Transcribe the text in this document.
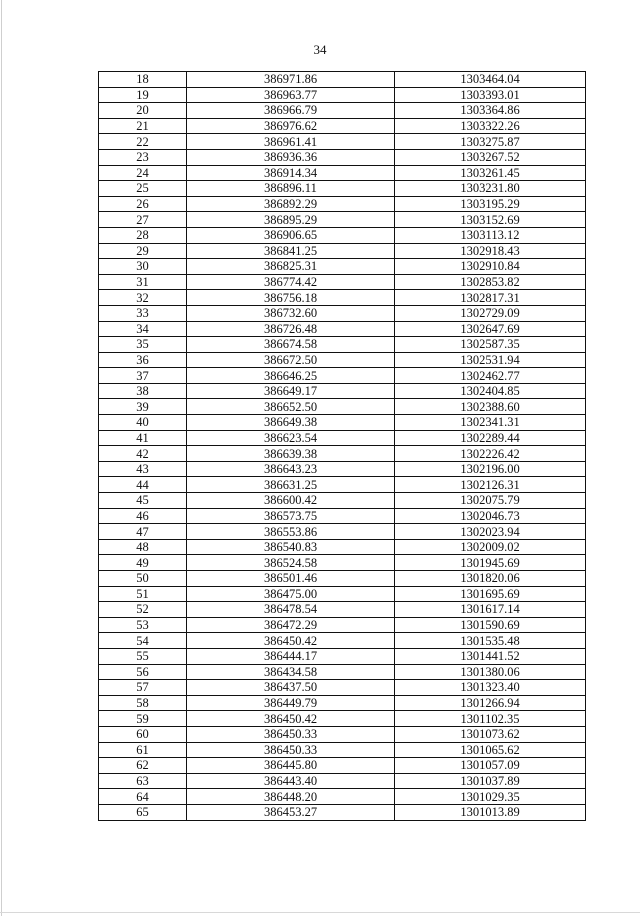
34
18	386971.86	1303464.04
19	386963.77	1303393.01
20	386966.79	1303364.86
21	386976.62	1303322.26
22	386961.41	1303275.87
23	386936.36	1303267.52
24	386914.34	1303261.45
25	386896.11	1303231.80
26	386892.29	1303195.29
27	386895.29	1303152.69
28	386906.65	1303113.12
29	386841.25	1302918.43
30	386825.31	1302910.84
31	386774.42	1302853.82
32	386756.18	1302817.31
33	386732.60	1302729.09
34	386726.48	1302647.69
35	386674.58	1302587.35
36	386672.50	1302531.94
37	386646.25	1302462.77
38	386649.17	1302404.85
39	386652.50	1302388.60
40	386649.38	1302341.31
41	386623.54	1302289.44
42	386639.38	1302226.42
43	386643.23	1302196.00
44	386631.25	1302126.31
45	386600.42	1302075.79
46	386573.75	1302046.73
47	386553.86	1302023.94
48	386540.83	1302009.02
49	386524.58	1301945.69
50	386501.46	1301820.06
51	386475.00	1301695.69
52	386478.54	1301617.14
53	386472.29	1301590.69
54	386450.42	1301535.48
55	386444.17	1301441.52
56	386434.58	1301380.06
57	386437.50	1301323.40
58	386449.79	1301266.94
59	386450.42	1301102.35
60	386450.33	1301073.62
61	386450.33	1301065.62
62	386445.80	1301057.09
63	386443.40	1301037.89
64	386448.20	1301029.35
65	386453.27	1301013.89
